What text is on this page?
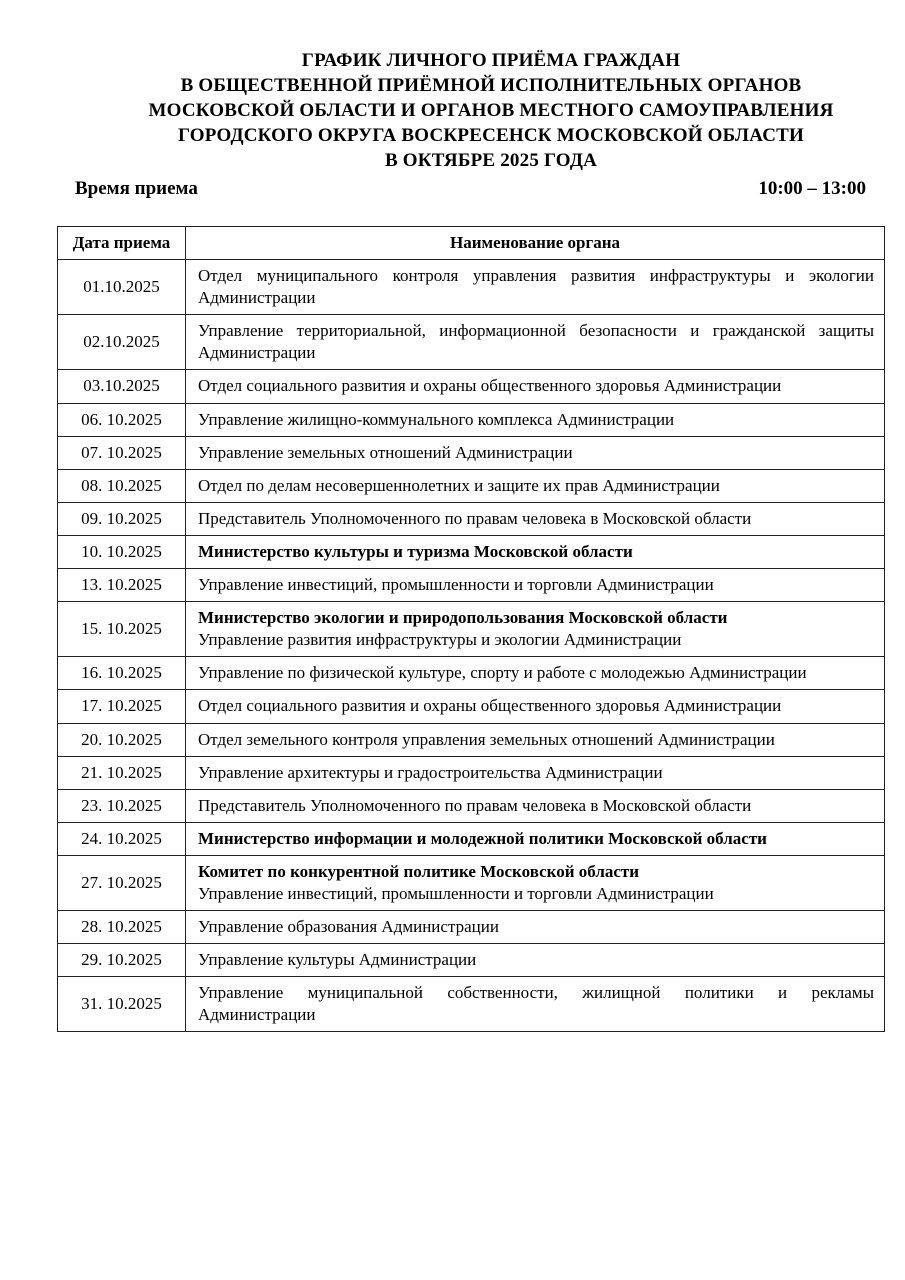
ГРАФИК ЛИЧНОГО ПРИЁМА ГРАЖДАН
В ОБЩЕСТВЕННОЙ ПРИЁМНОЙ ИСПОЛНИТЕЛЬНЫХ ОРГАНОВ
МОСКОВСКОЙ ОБЛАСТИ И ОРГАНОВ МЕСТНОГО САМОУПРАВЛЕНИЯ
ГОРОДСКОГО ОКРУГА ВОСКРЕСЕНСК МОСКОВСКОЙ ОБЛАСТИ
В ОКТЯБРЕ 2025 ГОДА
Время приема	10:00 – 13:00
Дата приема	Наименование органа
01.10.2025	Отдел муниципального контроля управления развития инфраструктуры и экологии
Администрации

02.10.2025	Управление территориальной, информационной безопасности и гражданской защиты
Администрации

03.10.2025	Отдел социального развития и охраны общественного здоровья Администрации

06. 10.2025	Управление жилищно-коммунального комплекса Администрации

07. 10.2025	Управление земельных отношений Администрации

08. 10.2025	Отдел по делам несовершеннолетних и защите их прав Администрации

09. 10.2025	Представитель Уполномоченного по правам человека в Московской области

10. 10.2025	Министерство культуры и туризма Московской области

13. 10.2025	Управление инвестиций, промышленности и торговли Администрации

15. 10.2025	Министерство экологии и природопользования Московской области
Управление развития инфраструктуры и экологии Администрации

16. 10.2025	Управление по физической культуре, спорту и работе с молодежью Администрации

17. 10.2025	Отдел социального развития и охраны общественного здоровья Администрации

20. 10.2025	Отдел земельного контроля управления земельных отношений Администрации

21. 10.2025	Управление архитектуры и градостроительства Администрации

23. 10.2025	Представитель Уполномоченного по правам человека в Московской области

24. 10.2025	Министерство информации и молодежной политики Московской области

27. 10.2025	Комитет по конкурентной политике Московской области
Управление инвестиций, промышленности и торговли Администрации

28. 10.2025	Управление образования Администрации

29. 10.2025	Управление культуры Администрации

31. 10.2025	Управление муниципальной собственности, жилищной политики и рекламы
Администрации
